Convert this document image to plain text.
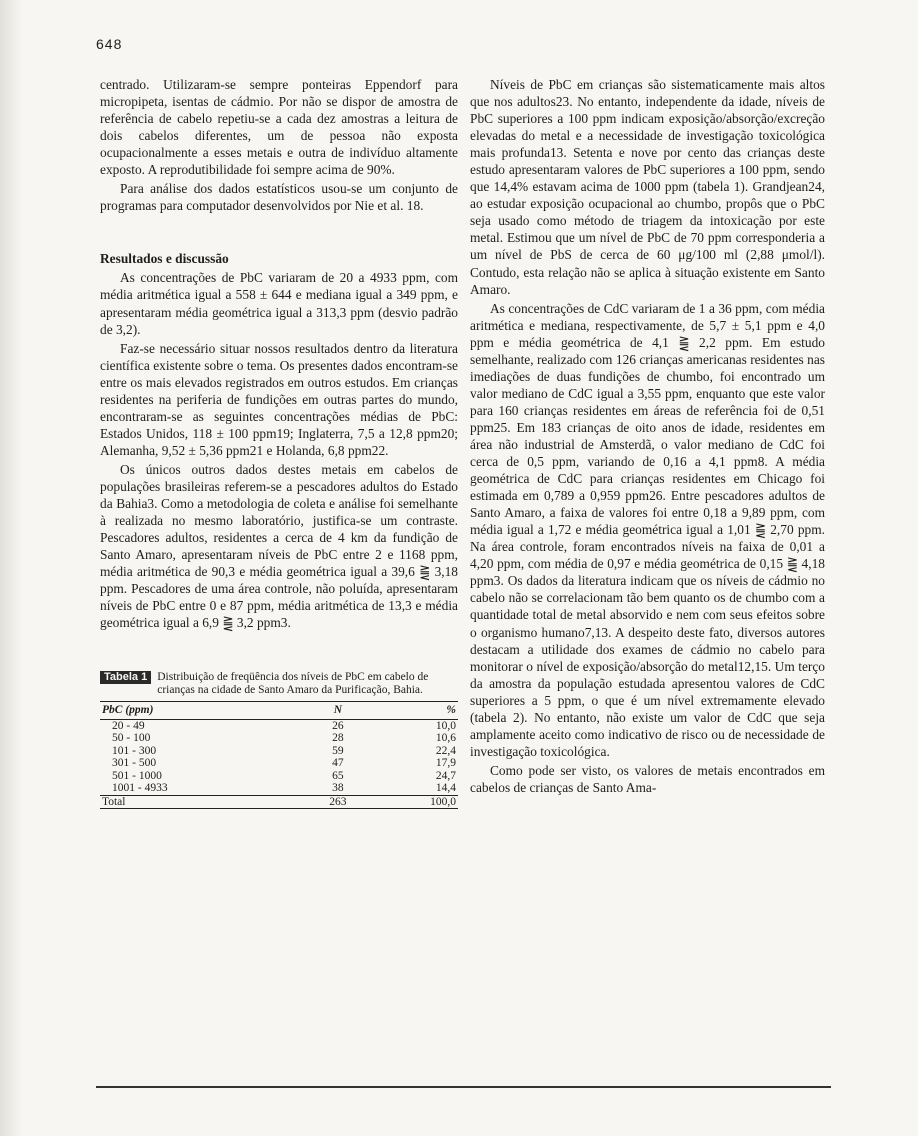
648

centrado. Utilizaram-se sempre ponteiras Eppendorf para micropipeta, isentas de cádmio. Por não se dispor de amostra de referência de cabelo repetiu-se a cada dez amostras a leitura de dois cabelos diferentes, um de pessoa não exposta ocupacionalmente a esses metais e outra de indivíduo altamente exposto. A reprodutibilidade foi sempre acima de 90%.

Para análise dos dados estatísticos usou-se um conjunto de programas para computador desenvolvidos por Nie et al. 18.

Resultados e discussão

As concentrações de PbC variaram de 20 a 4933 ppm, com média aritmética igual a 558 ± 644 e mediana igual a 349 ppm, e apresentaram média geométrica igual a 313,3 ppm (desvio padrão de 3,2).

Faz-se necessário situar nossos resultados dentro da literatura científica existente sobre o tema. Os presentes dados encontram-se entre os mais elevados registrados em outros estudos. Em crianças residentes na periferia de fundições em outras partes do mundo, encontraram-se as seguintes concentrações médias de PbC: Estados Unidos, 118 ± 100 ppm19; Inglaterra, 7,5 a 12,8 ppm20; Alemanha, 9,52 ± 5,36 ppm21 e Holanda, 6,8 ppm22.

Os únicos outros dados destes metais em cabelos de populações brasileiras referem-se a pescadores adultos do Estado da Bahia3. Como a metodologia de coleta e análise foi semelhante à realizada no mesmo laboratório, justifica-se um contraste. Pescadores adultos, residentes a cerca de 4 km da fundição de Santo Amaro, apresentaram níveis de PbC entre 2 e 1168 ppm, média aritmética de 90,3 e média geométrica igual a 39,6 ⪌ 3,18 ppm. Pescadores de uma área controle, não poluída, apresentaram níveis de PbC entre 0 e 87 ppm, média aritmética de 13,3 e média geométrica igual a 6,9 ⪌ 3,2 ppm3.

Tabela 1 Distribuição de freqüência dos níveis de PbC em cabelo de crianças na cidade de Santo Amaro da Purificação, Bahia.
PbC (ppm)	N	%
20 - 49	26	10,0
50 - 100	28	10,6
101 - 300	59	22,4
301 - 500	47	17,9
501 - 1000	65	24,7
1001 - 4933	38	14,4
Total	263	100,0

Níveis de PbC em crianças são sistematicamente mais altos que nos adultos23. No entanto, independente da idade, níveis de PbC superiores a 100 ppm indicam exposição/absorção/excreção elevadas do metal e a necessidade de investigação toxicológica mais profunda13. Setenta e nove por cento das crianças deste estudo apresentaram valores de PbC superiores a 100 ppm, sendo que 14,4% estavam acima de 1000 ppm (tabela 1). Grandjean24, ao estudar exposição ocupacional ao chumbo, propôs que o PbC seja usado como método de triagem da intoxicação por este metal. Estimou que um nível de PbC de 70 ppm corresponderia a um nível de PbS de cerca de 60 μg/100 ml (2,88 μmol/l). Contudo, esta relação não se aplica à situação existente em Santo Amaro.

As concentrações de CdC variaram de 1 a 36 ppm, com média aritmética e mediana, respectivamente, de 5,7 ± 5,1 ppm e 4,0 ppm e média geométrica de 4,1 ⪌ 2,2 ppm. Em estudo semelhante, realizado com 126 crianças americanas residentes nas imediações de duas fundições de chumbo, foi encontrado um valor mediano de CdC igual a 3,55 ppm, enquanto que este valor para 160 crianças residentes em áreas de referência foi de 0,51 ppm25. Em 183 crianças de oito anos de idade, residentes em área não industrial de Amsterdã, o valor mediano de CdC foi cerca de 0,5 ppm, variando de 0,16 a 4,1 ppm8. A média geométrica de CdC para crianças residentes em Chicago foi estimada em 0,789 a 0,959 ppm26. Entre pescadores adultos de Santo Amaro, a faixa de valores foi entre 0,18 a 9,89 ppm, com média igual a 1,72 e média geométrica igual a 1,01 ⪌ 2,70 ppm. Na área controle, foram encontrados níveis na faixa de 0,01 a 4,20 ppm, com média de 0,97 e média geométrica de 0,15 ⪌ 4,18 ppm3. Os dados da literatura indicam que os níveis de cádmio no cabelo não se correlacionam tão bem quanto os de chumbo com a quantidade total de metal absorvido e nem com seus efeitos sobre o organismo humano7,13. A despeito deste fato, diversos autores destacam a utilidade dos exames de cádmio no cabelo para monitorar o nível de exposição/absorção do metal12,15. Um terço da amostra da população estudada apresentou valores de CdC superiores a 5 ppm, o que é um nível extremamente elevado (tabela 2). No entanto, não existe um valor de CdC que seja amplamente aceito como indicativo de risco ou de necessidade de investigação toxicológica.

Como pode ser visto, os valores de metais encontrados em cabelos de crianças de Santo Ama-
